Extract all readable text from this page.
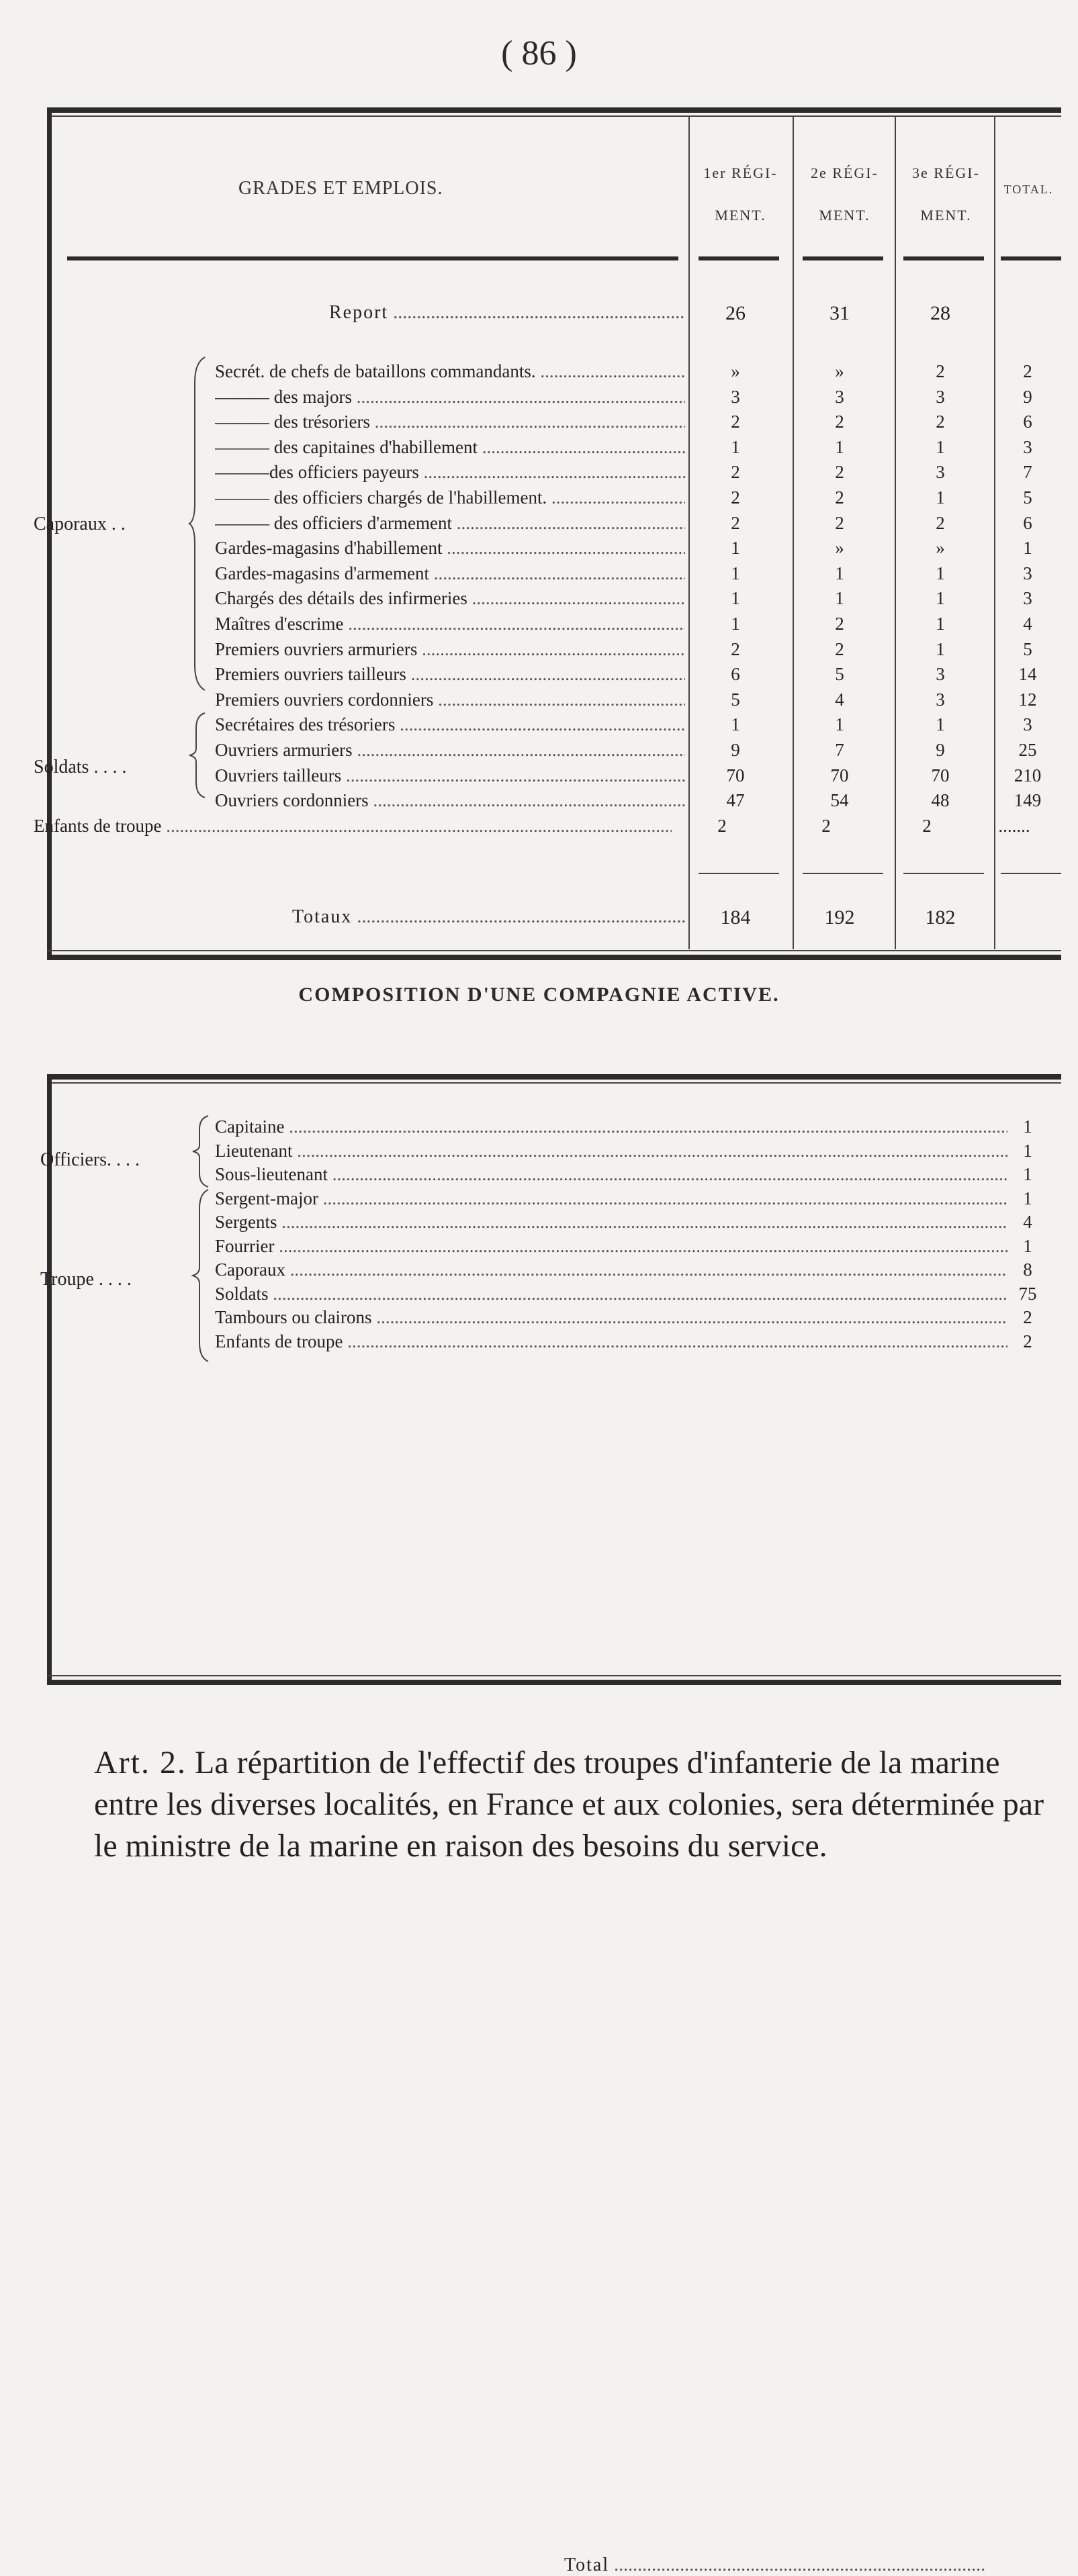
( 86 )
GRADES ET EMPLOIS.
1er RÉGI-
MENT.
2e RÉGI-
MENT.
3e RÉGI-
MENT.
TOTAL.
Report .....	26	31	28
Caporaux . .
Soldats . . . .
Secrét. de chefs de bataillons commandants. .....	»	»	2	2
——— des majors .....	3	3	3	9
——— des trésoriers .....	2	2	2	6
——— des capitaines d'habillement .....	1	1	1	3
———des officiers payeurs .....	2	2	3	7
——— des officiers chargés de l'habillement. .....	2	2	1	5
——— des officiers d'armement .....	2	2	2	6
Gardes-magasins d'habillement .....	1	»	»	1
Gardes-magasins d'armement .....	1	1	1	3
Chargés des détails des infirmeries .....	1	1	1	3
Maîtres d'escrime .....	1	2	1	4
Premiers ouvriers armuriers .....	2	2	1	5
Premiers ouvriers tailleurs .....	6	5	3	14
Premiers ouvriers cordonniers .....	5	4	3	12
Secrétaires des trésoriers .....	1	1	1	3
Ouvriers armuriers .....	9	7	9	25
Ouvriers tailleurs .....	70	70	70	210
Ouvriers cordonniers .....	47	54	48	149
Enfants de troupe .....	2	2	2	.......
Totaux .....	184	192	182
COMPOSITION D'UNE COMPAGNIE ACTIVE.
Officiers. . . .
Troupe . . . .
Capitaine .....	1
Lieutenant .....	1
Sous-lieutenant .....	1
Sergent-major .....	1
Sergents .....	4
Fourrier .....	1
Caporaux .....	8
Soldats .....	75
Tambours ou clairons .....	2
Enfants de troupe .....	2
Total .....
Art. 2. La répartition de l'effectif des troupes d'infanterie de la marine entre les diverses localités, en France et aux colonies, sera déterminée par le ministre de la marine en raison des besoins du service.
